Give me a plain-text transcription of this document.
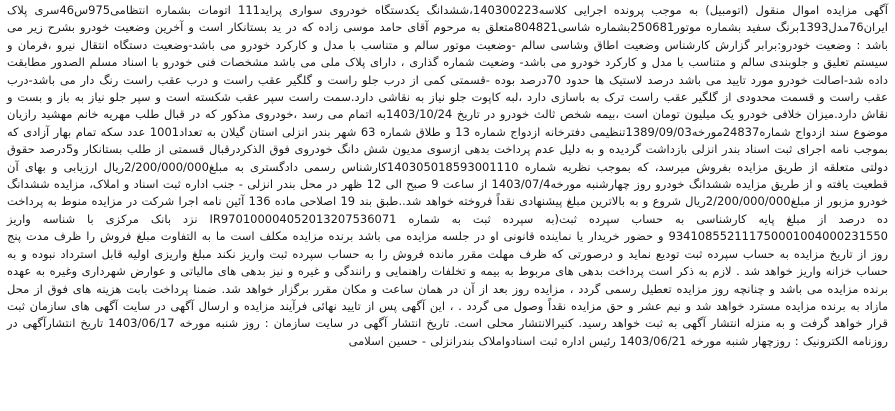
آگهی مزایده اموال منقول (اتومبیل) به موجب پرونده اجرایی کلاسه140300223،ششدانگ یکدستگاه خودروی سواری پراید111 اتومات بشماره انتظامی975س46سری پلاک ایران76مدل1393برنگ سفید بشماره موتور250681بشماره شاسی804821متعلق به مرحوم آقای حامد موسی زاده که در ید بستانکار است و آخرین وضعیت خودرو بشرح زیر می باشد : وضعیت خودرو:برابر گزارش کارشناس وضعیت اطاق وشاسی سالم -وضعیت موتور سالم و متناسب با مدل و کارکرد خودرو می باشد-وضعیت دستگاه انتقال نیرو ،فرمان و سیستم تعلیق و جلوبندی سالم و متناسب با مدل و کارکرد خودرو می باشد- وضعیت شماره گذاری ، دارای پلاک ملی می باشد مشخصات فنی خودرو با اسناد مسلم الصدور مطابقت داده شد-اصالت خودرو مورد تایید می باشد درصد لاستیک ها حدود 70درصد بوده -قسمتی کمی از درب جلو راست و گلگیر عقب راست و درب عقب راست رنگ دار می باشد-درب عقب راست و قسمت محدودی از گلگیر عقب راست ترک به باسازی دارد ،لبه کاپوت جلو نیاز به نقاشی دارد.سمت راست سپر عقب شکسته است و سپر جلو نیاز به باز و بست و نقاش دارد.میزان خلافی خودرو یک میلیون تومان است ،بیمه شخص ثالث خودرو در تاریخ 1403/10/24به اتمام می رسد ،خودروی مذکور که در قبال طلب مهریه خانم مهشید رازیان موضوع سند ازدواج شماره24837مورخه1389/09/03تنظیمی دفترخانه ازدواج شماره 13 و طلاق شماره 63 شهر بندر انزلی استان گیلان به تعداد1001 عدد سکه تمام بهار آزادی که بموجب نامه اجرای ثبت اسناد بندر انزلی بازداشت گردیده و به دلیل عدم پرداخت بدهی ازسوی مدیون شش دانگ خودروی فوق الذکردرقبال قسمتی از طلب بستانکار و5درصد حقوق دولتی متعلقه از طریق مزایده بفروش میرسد، که بموجب نظریه شماره 140305018593001110کارشناس رسمی دادگستری به مبلغ2/200/000/000ریال ارزیابی و بهای آن قطعیت یافته و از طریق مزایده ششدانگ خودرو روز چهارشنبه مورخه1403/07/4 از ساعت 9 صبح الی 12 ظهر در محل بندر انزلی - جنب اداره ثبت اسناد و املاک، مزایده ششدانگ خودرو مزبور از مبلغ2/200/000/000ریال شروع و به بالاترین مبلغ پیشنهادی نقداً فروخته خواهد شد..طبق بند 19 اصلاحی ماده 136 آئین نامه اجرا شرکت در مزایده منوط به پرداخت ده درصد از مبلغ پایه کارشناسی به حساب سپرده ثبت(به سپرده ثبت به شماره IR970100004052013207536071 نزد بانک مرکزی با شناسه واریز 934108552111750001004000231550 و حضور خریدار یا نماینده قانونی او در جلسه مزایده می باشد برنده مزایده مکلف است ما به التفاوت مبلغ فروش را ظرف مدت پنج روز از تاریخ مزایده به حساب سپرده ثبت تودیع نماید و درصورتی که ظرف مهلت مقرر مانده فروش را به حساب سپرده ثبت واریز نکند مبلغ واریزی اولیه قابل استرداد نبوده و به حساب خزانه واریز خواهد شد . لازم به ذکر است پرداخت بدهی های مربوط به بیمه و تخلفات راهنمایی و رانندگی و غیره و نیز بدهی های مالیاتی و عوارض شهرداری وغیره به عهده برنده مزایده می باشد و چنانچه روز مزایده تعطیل رسمی گردد ، مزایده روز بعد از آن در همان ساعت و مکان مقرر برگزار خواهد شد. ضمنا پرداخت بابت هزینه های فوق از محل مازاد به برنده مزایده مسترد خواهد شد و نیم عشر و حق مزایده نقداً وصول می گردد . ، این آگهی پس از تایید نهائی فرآیند مزایده و ارسال آگهی در سایت آگهی های سازمان ثبت قرار خواهد گرفت و به منزله انتشار آگهی به ثبت خواهد رسید. کنیرالانتشار محلی است. تاریخ انتشار آگهی در سایت سازمان : روز شنبه مورخه 1403/06/17 تاریخ انتشارآگهی در روزنامه الکترونیک : روزچهار شنبه مورخه 1403/06/21 رئیس اداره ثبت اسنادواملاک بندرانزلی - حسین اسلامی
